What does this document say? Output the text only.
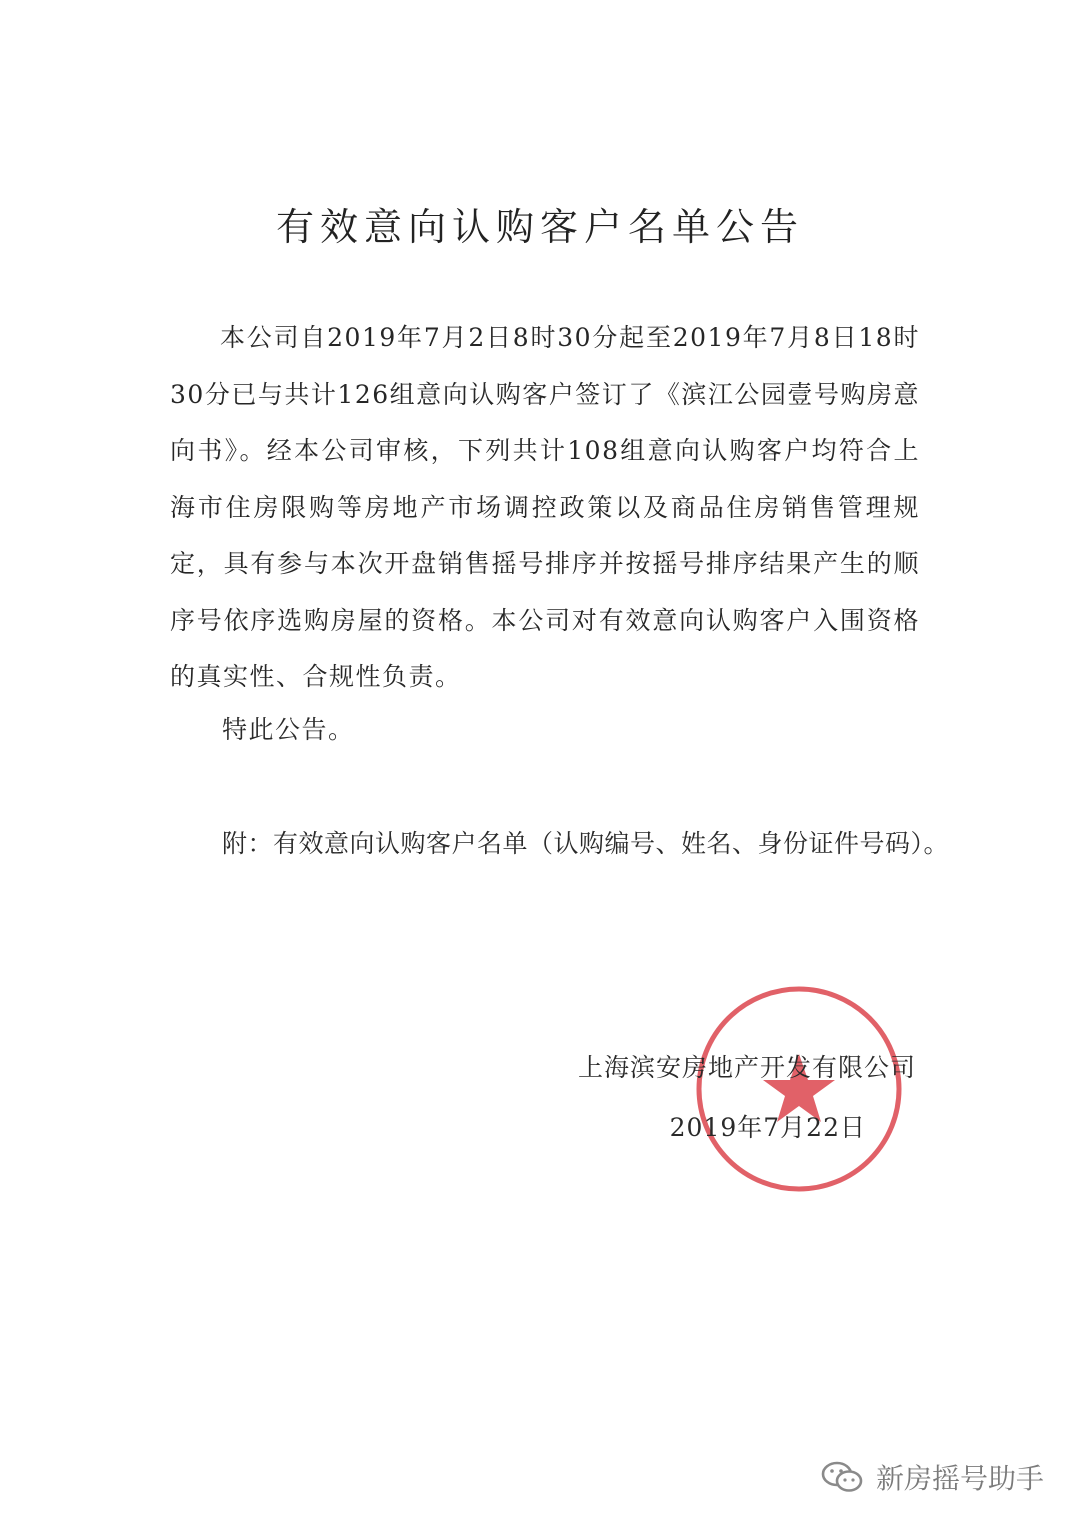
有效意向认购客户名单公告

本公司自2019年7月2日8时30分起至2019年7月8日18时30分已与共计126组意向认购客户签订了《滨江公园壹号购房意向书》。经本公司审核，下列共计108组意向认购客户均符合上海市住房限购等房地产市场调控政策以及商品住房销售管理规定，具有参与本次开盘销售摇号排序并按摇号排序结果产生的顺序号依序选购房屋的资格。本公司对有效意向认购客户入围资格的真实性、合规性负责。

特此公告。
附：有效意向认购客户名单（认购编号、姓名、身份证件号码）。
上海滨安房地产开发有限公司
2019年7月22日
新房摇号助手
